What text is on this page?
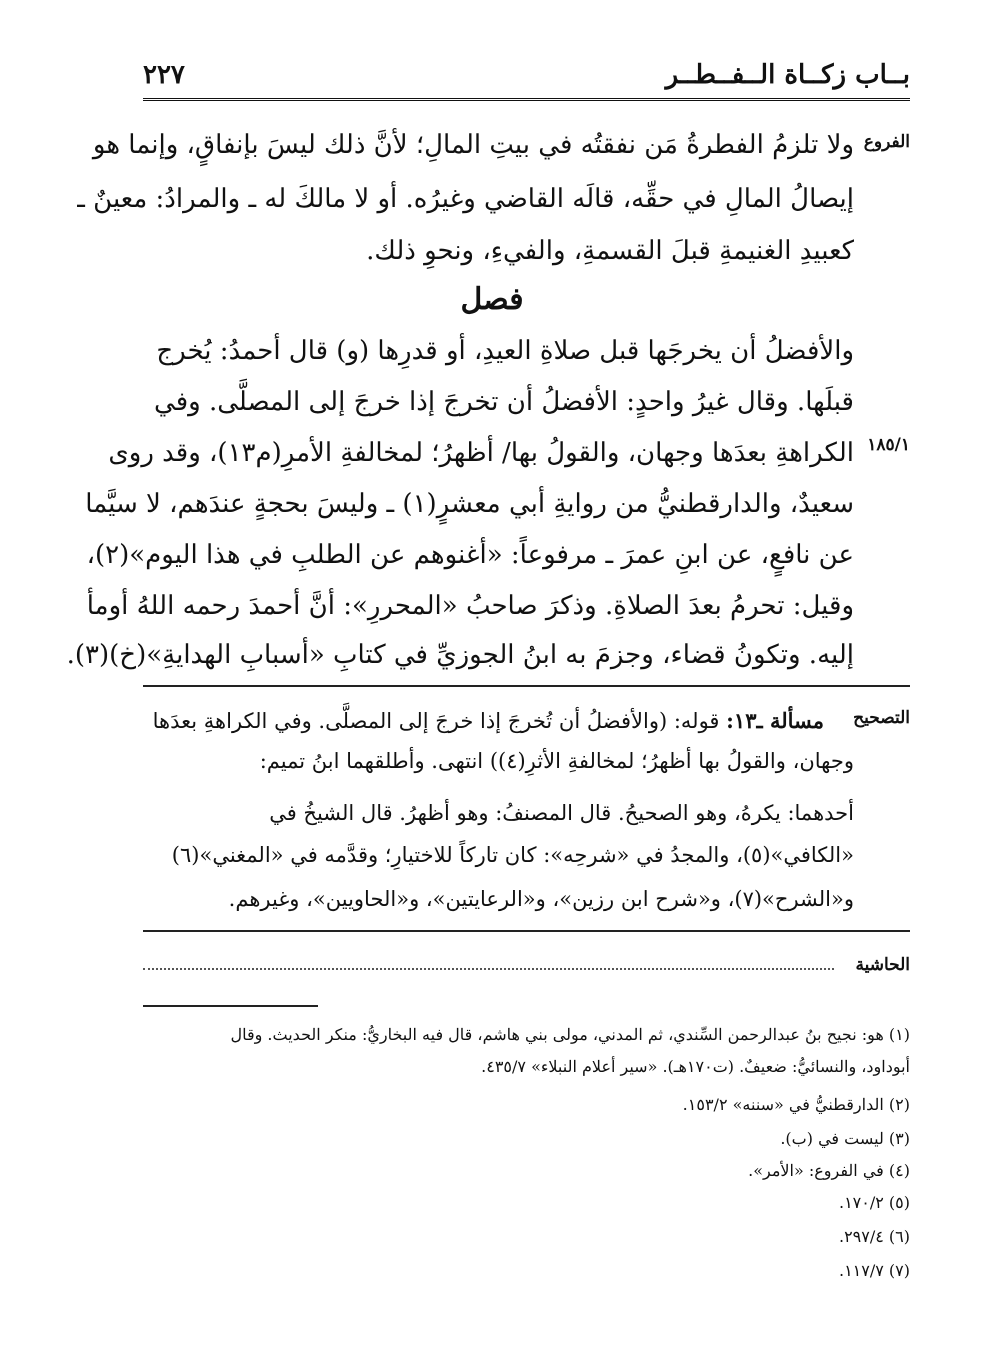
بــاب زكــاة الــفــطــر
٢٢٧
الفروع
١٨٥/١
التصحيح
ولا تلزمُ الفطرةُ مَن نفقتُه في بيتِ المالِ؛ لأنَّ ذلك ليسَ بإنفاقٍ، وإنما هو
إيصالُ المالِ في حقِّه، قالَه القاضي وغيرُه. أو لا مالكَ له ـ والمرادُ: معينٌ ـ
كعبيدِ الغنيمةِ قبلَ القسمةِ، والفيءِ، ونحوِ ذلك.
فصل
والأفضلُ أن يخرجَها قبل صلاةِ العيدِ، أو قدرِها (و) قال أحمدُ: يُخرج
قبلَها. وقال غيرُ واحدٍ: الأفضلُ أن تخرجَ إذا خرجَ إلى المصلَّى. وفي
الكراهةِ بعدَها وجهان، والقولُ بها/ أظهرُ؛ لمخالفةِ الأمرِ(م١٣)، وقد روى
سعيدٌ، والدارقطنيُّ من روايةِ أبي معشرٍ(١) ـ وليسَ بحجةٍ عندَهم، لا سيَّما
عن نافعٍ، عن ابنِ عمرَ ـ مرفوعاً: «أغنوهم عن الطلبِ في هذا اليوم»(٢)،
وقيل: تحرمُ بعدَ الصلاةِ. وذكرَ صاحبُ «المحررِ»: أنَّ أحمدَ رحمه اللهُ أومأ
إليه. وتكونُ قضاء، وجزمَ به ابنُ الجوزيِّ في كتابِ «أسبابِ الهدايةِ»(خ)(٣).
مسألة ـ١٣: قوله: (والأفضلُ أن تُخرجَ إذا خرجَ إلى المصلَّى. وفي الكراهةِ بعدَها
وجهان، والقولُ بها أظهرُ؛ لمخالفةِ الأثرِ(٤)) انتهى. وأطلقهما ابنُ تميم:
أحدهما: يكرهُ، وهو الصحيحُ. قال المصنفُ: وهو أظهرُ. قال الشيخُ في
«الكافي»(٥)، والمجدُ في «شرحِه»: كان تاركاً للاختيارِ؛ وقدَّمه في «المغني»(٦)
و«الشرح»(٧)، و«شرح ابن رزين»، و«الرعايتين»، و«الحاويين»، وغيرهم.
الحاشية
(١) هو: نجيح بنُ عبدالرحمن السِّندي، ثم المدني، مولى بني هاشم، قال فيه البخاريُّ: منكر الحديث. وقال
أبوداود، والنسائيُّ: ضعيفٌ. (ت١٧٠هـ). «سير أعلام النبلاء» ٤٣٥/٧.
(٢) الدارقطنيُّ في «سننه» ١٥٣/٢.
(٣) ليست في (ب).
(٤) في الفروع: «الأمر».
(٥) ١٧٠/٢.
(٦) ٢٩٧/٤.
(٧) ١١٧/٧.
